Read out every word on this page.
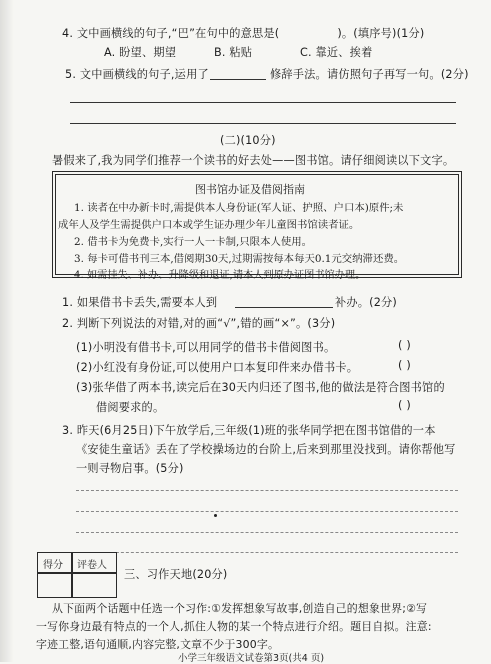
4. 文中画横线的句子,“巴”在句中的意思是(	)。(填序号)(1分)
A. 盼望、期望	B. 粘贴	C. 靠近、挨着
5. 文中画横线的句子,运用了	修辞手法。请仿照句子再写一句。(2分)
(二)(10分)
暑假来了,我为同学们推荐一个读书的好去处——图书馆。请仔细阅读以下文字。
图书馆办证及借阅指南
1. 读者在中办新卡时,需提供本人身份证(军人证、护照、户口本)原件;未
成年人及学生需提供户口本或学生证办理少年儿童图书馆读者证。
2. 借书卡为免费卡,实行一人一卡制,只限本人使用。
3. 每卡可借书刊三本,借阅期30天,过期需按每本每天0.1元交纳滞还费。
4. 如需挂失、补办、升降级和退证,请本人到原办证图书馆办理。
1. 如果借书卡丢失,需要本人到	补办。(2分)
2. 判断下列说法的对错,对的画“√”,错的画“×”。(3分)
(1)小明没有借书卡,可以用同学的借书卡借阅图书。	( )
(2)小红没有身份证,可以使用户口本复印件来办借书卡。	( )
(3)张华借了两本书,读完后在30天内归还了图书,他的做法是符合图书馆的
借阅要求的。	( )
3. 昨天(6月25日)下午放学后,三年级(1)班的张华同学把在图书馆借的一本
《安徒生童话》丢在了学校操场边的台阶上,后来到那里没找到。请你帮他写
一则寻物启事。(5分)
得分 评卷人
三、习作天地(20分)
从下面两个话题中任选一个习作:①发挥想象写故事,创造自己的想象世界;②写
一写你身边最有特点的一个人,抓住人物的某一个特点进行介绍。题目自拟。注意:
字迹工整,语句通顺,内容完整,文章不少于300字。
小学三年级语文试卷第3页(共4 页)
